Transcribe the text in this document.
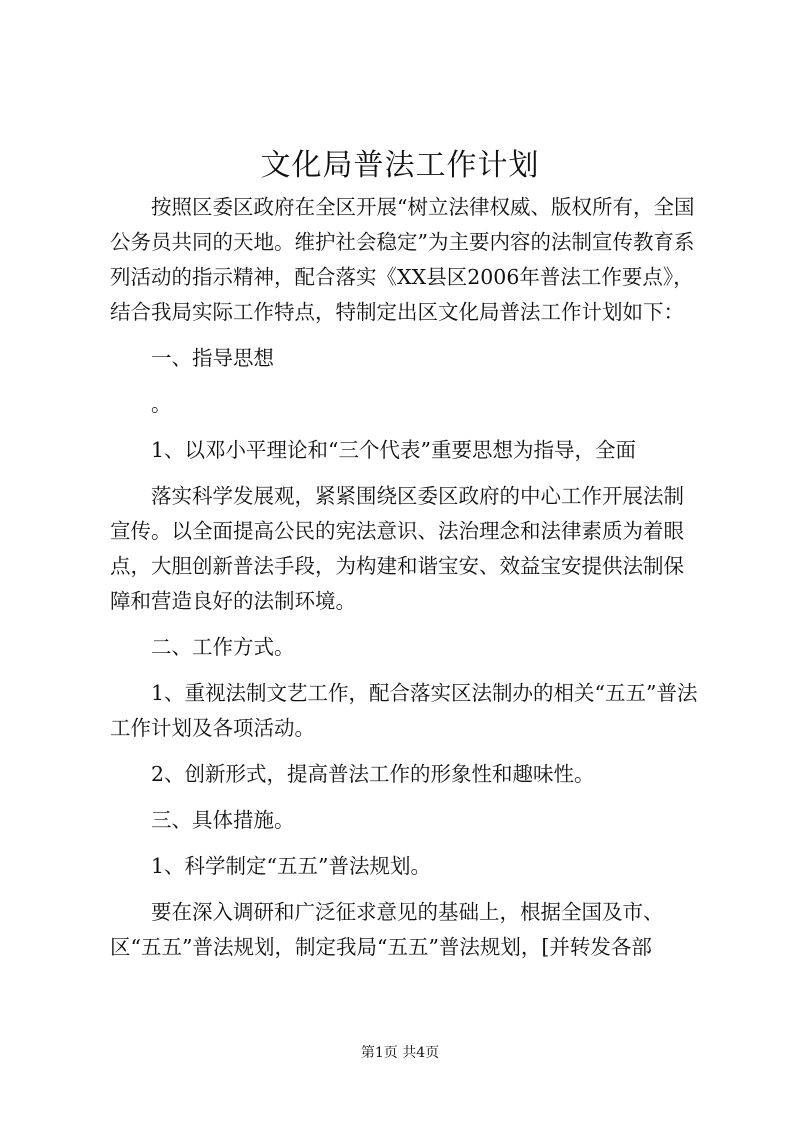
文化局普法工作计划

按照区委区政府在全区开展“树立法律权威、版权所有，全国公务员共同的天地。维护社会稳定”为主要内容的法制宣传教育系列活动的指示精神，配合落实《XX县区2006年普法工作要点》，结合我局实际工作特点，特制定出区文化局普法工作计划如下：

一、指导思想

。

1、以邓小平理论和“三个代表”重要思想为指导，全面

落实科学发展观，紧紧围绕区委区政府的中心工作开展法制宣传。以全面提高公民的宪法意识、法治理念和法律素质为着眼点，大胆创新普法手段，为构建和谐宝安、效益宝安提供法制保障和营造良好的法制环境。

二、工作方式。

1、重视法制文艺工作，配合落实区法制办的相关“五五”普法工作计划及各项活动。

2、创新形式，提高普法工作的形象性和趣味性。

三、具体措施。

1、科学制定“五五”普法规划。

要在深入调研和广泛征求意见的基础上，根据全国及市、区“五五”普法规划，制定我局“五五”普法规划，[并转发各部

第1页 共4页
